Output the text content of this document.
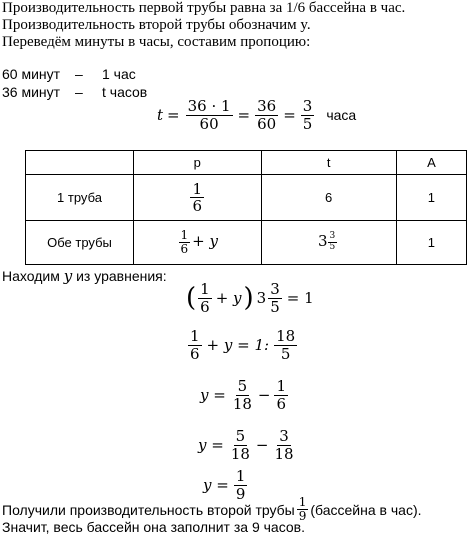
Производительность первой трубы равна за 1/6 бассейна в час.
Производительность второй трубы обозначим y.
Переведём минуты в часы, составим пропоцию:
60 минут – 1 час
36 минут – t часов
$t = \frac{36 \cdot 1}{60} = \frac{36}{60} = \frac{3}{5}$ часа
	p	t	A
1 труба	$\frac{1}{6}$	6	1
Обе трубы	$\frac{1}{6} + y$	$3 \frac{3}{5}$	1
Находим y из уравнения:
( $\frac{1}{6} + y$ ) $3 \frac{3}{5} = 1$
$\frac{1}{6} + y = 1$: $\frac{18}{5}$
$y = \frac{5}{18} - \frac{1}{6}$
$y = \frac{5}{18} - \frac{3}{18}$
$y = \frac{1}{9}$
Получили производительность второй трубы $\frac{1}{9}$ (бассейна в час).
Значит, весь бассейн она заполнит за 9 часов.
